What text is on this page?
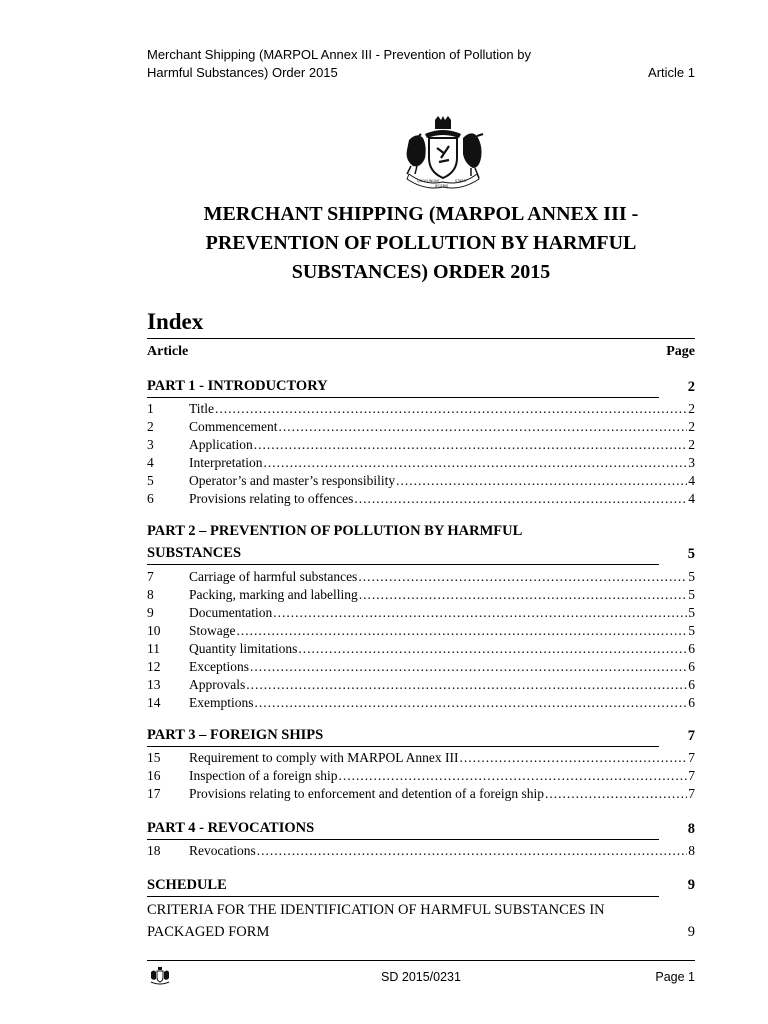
Merchant Shipping (MARPOL Annex III - Prevention of Pollution by
Harmful Substances) Order 2015	Article 1
QUOCUNQUE
JECERIS
STABIT
MERCHANT SHIPPING (MARPOL ANNEX III -
PREVENTION OF POLLUTION BY HARMFUL
SUBSTANCES) ORDER 2015
Index
Article	Page
PART 1 - INTRODUCTORY	2
1	Title .....	2
2	Commencement .....	2
3	Application .....	2
4	Interpretation .....	3
5	Operator’s and master’s responsibility .....	4
6	Provisions relating to offences .....	4
PART 2 – PREVENTION OF POLLUTION BY HARMFUL
SUBSTANCES	5
7	Carriage of harmful substances .....	5
8	Packing, marking and labelling .....	5
9	Documentation .....	5
10	Stowage .....	5
11	Quantity limitations .....	6
12	Exceptions .....	6
13	Approvals .....	6
14	Exemptions .....	6
PART 3 – FOREIGN SHIPS	7
15	Requirement to comply with MARPOL Annex III .....	7
16	Inspection of a foreign ship .....	7
17	Provisions relating to enforcement and detention of a foreign ship .....	7
PART 4 - REVOCATIONS	8
18	Revocations .....	8
SCHEDULE	9
CRITERIA FOR THE IDENTIFICATION OF HARMFUL SUBSTANCES IN
PACKAGED FORM	9
SD 2015/0231	Page 1
